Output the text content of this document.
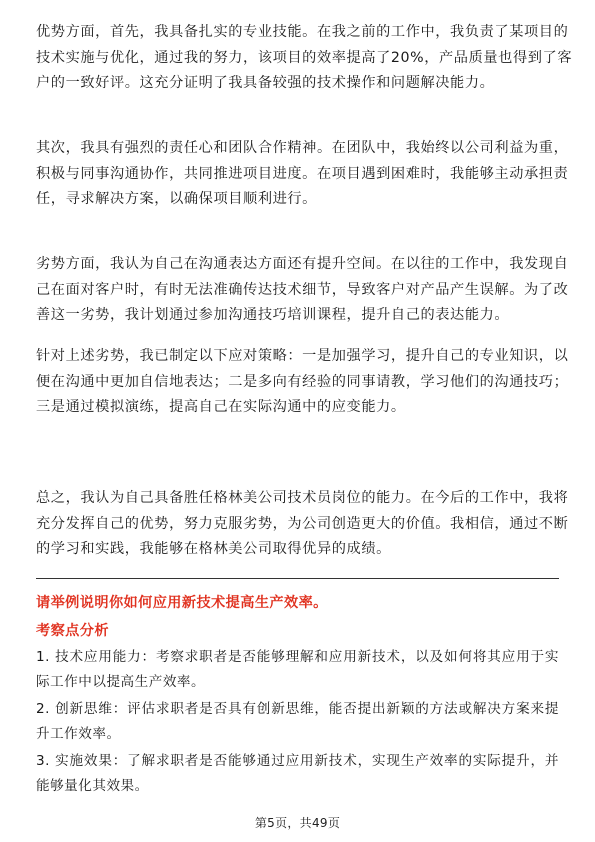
优势方面，首先，我具备扎实的专业技能。在我之前的工作中，我负责了某项目的
技术实施与优化，通过我的努力，该项目的效率提高了20%，产品质量也得到了客
户的一致好评。这充分证明了我具备较强的技术操作和问题解决能力。
其次，我具有强烈的责任心和团队合作精神。在团队中，我始终以公司利益为重，
积极与同事沟通协作，共同推进项目进度。在项目遇到困难时，我能够主动承担责
任，寻求解决方案，以确保项目顺利进行。
劣势方面，我认为自己在沟通表达方面还有提升空间。在以往的工作中，我发现自
己在面对客户时，有时无法准确传达技术细节，导致客户对产品产生误解。为了改
善这一劣势，我计划通过参加沟通技巧培训课程，提升自己的表达能力。
针对上述劣势，我已制定以下应对策略：一是加强学习，提升自己的专业知识，以
便在沟通中更加自信地表达；二是多向有经验的同事请教，学习他们的沟通技巧；
三是通过模拟演练，提高自己在实际沟通中的应变能力。
总之，我认为自己具备胜任格林美公司技术员岗位的能力。在今后的工作中，我将
充分发挥自己的优势，努力克服劣势，为公司创造更大的价值。我相信，通过不断
的学习和实践，我能够在格林美公司取得优异的成绩。
请举例说明你如何应用新技术提高生产效率。
考察点分析
1. 技术应用能力：考察求职者是否能够理解和应用新技术，以及如何将其应用于实
际工作中以提高生产效率。
2. 创新思维：评估求职者是否具有创新思维，能否提出新颖的方法或解决方案来提
升工作效率。
3. 实施效果：了解求职者是否能够通过应用新技术，实现生产效率的实际提升，并
能够量化其效果。
第5页，共49页
